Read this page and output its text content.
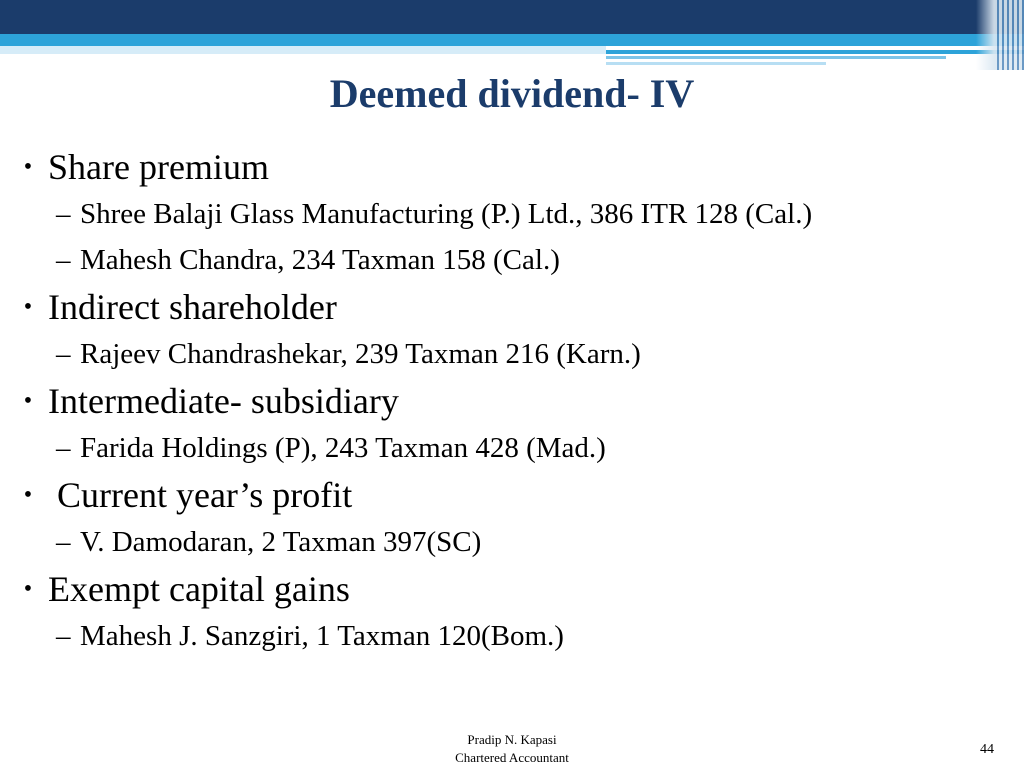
Deemed dividend- IV
• Share premium
– Shree Balaji Glass Manufacturing (P.) Ltd., 386 ITR 128 (Cal.)
– Mahesh Chandra, 234 Taxman 158 (Cal.)
• Indirect shareholder
– Rajeev Chandrashekar, 239 Taxman 216 (Karn.)
• Intermediate- subsidiary
– Farida Holdings (P), 243 Taxman 428 (Mad.)
• Current year’s profit
– V. Damodaran, 2 Taxman 397(SC)
• Exempt capital gains
– Mahesh J. Sanzgiri, 1 Taxman 120(Bom.)
Pradip N. Kapasi
Chartered Accountant
44
